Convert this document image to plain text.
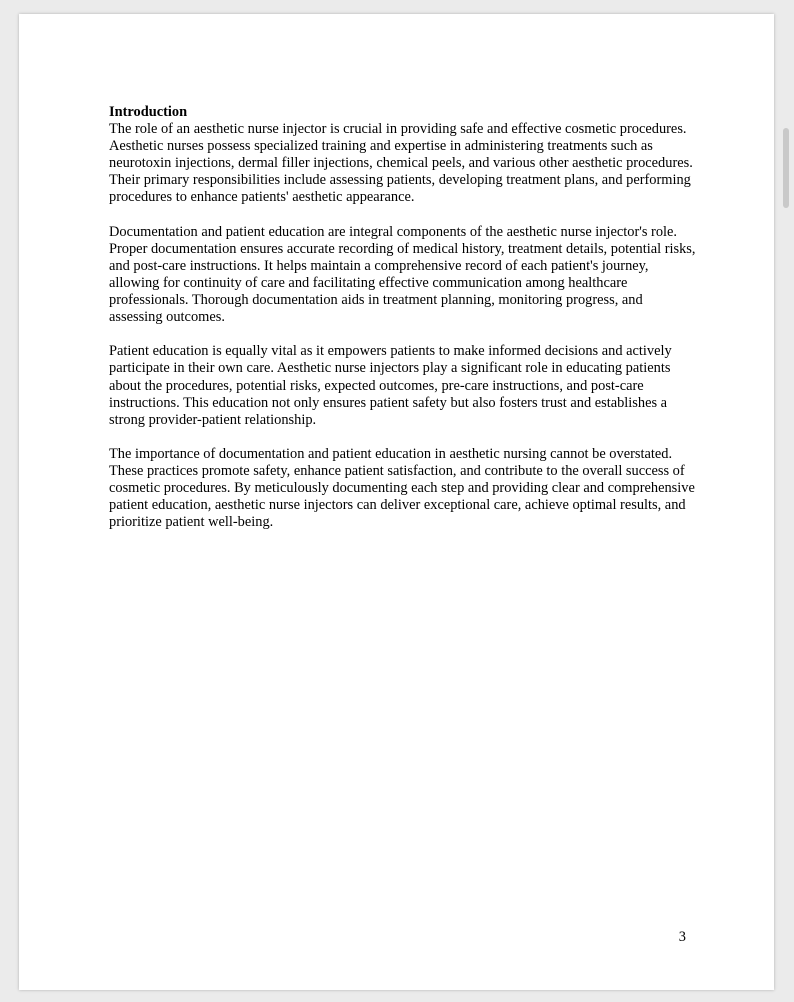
Introduction

The role of an aesthetic nurse injector is crucial in providing safe and effective cosmetic procedures. Aesthetic nurses possess specialized training and expertise in administering treatments such as neurotoxin injections, dermal filler injections, chemical peels, and various other aesthetic procedures. Their primary responsibilities include assessing patients, developing treatment plans, and performing procedures to enhance patients' aesthetic appearance.

Documentation and patient education are integral components of the aesthetic nurse injector's role. Proper documentation ensures accurate recording of medical history, treatment details, potential risks, and post-care instructions. It helps maintain a comprehensive record of each patient's journey, allowing for continuity of care and facilitating effective communication among healthcare professionals. Thorough documentation aids in treatment planning, monitoring progress, and assessing outcomes.

Patient education is equally vital as it empowers patients to make informed decisions and actively participate in their own care. Aesthetic nurse injectors play a significant role in educating patients about the procedures, potential risks, expected outcomes, pre-care instructions, and post-care instructions. This education not only ensures patient safety but also fosters trust and establishes a strong provider-patient relationship.

The importance of documentation and patient education in aesthetic nursing cannot be overstated. These practices promote safety, enhance patient satisfaction, and contribute to the overall success of cosmetic procedures. By meticulously documenting each step and providing clear and comprehensive patient education, aesthetic nurse injectors can deliver exceptional care, achieve optimal results, and prioritize patient well-being.

3
